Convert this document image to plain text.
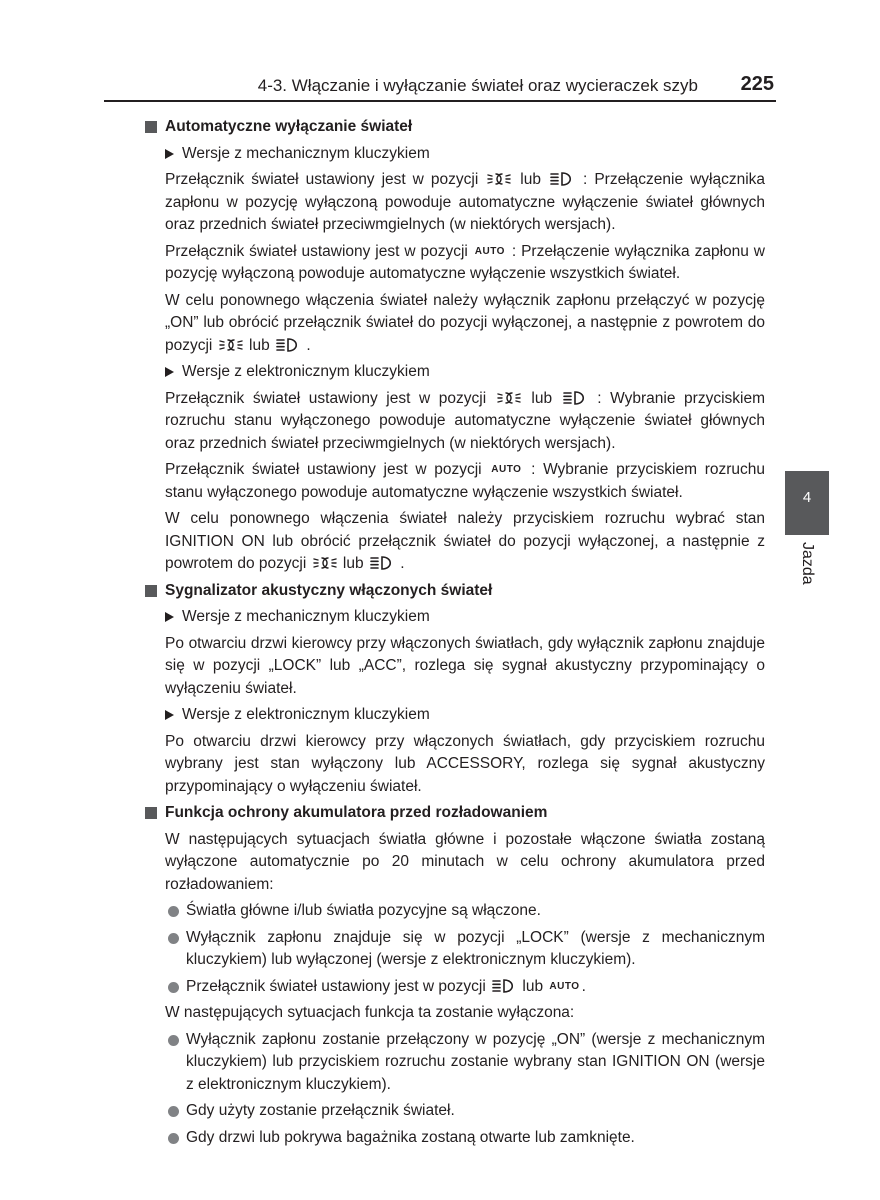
4-3. Włączanie i wyłączanie świateł oraz wycieraczek szyb 225
4
Jazda
Automatyczne wyłączanie świateł
Wersje z mechanicznym kluczykiem
Przełącznik świateł ustawiony jest w pozycji	lub	: Przełączenie wyłącznika zapłonu w pozycję wyłączoną powoduje automatyczne wyłączenie świateł głównych oraz przednich świateł przeciwmgielnych (w niektórych wersjach).
Przełącznik świateł ustawiony jest w pozycji AUTO : Przełączenie wyłącznika zapłonu w pozycję wyłączoną powoduje automatyczne wyłączenie wszystkich świateł.
W celu ponownego włączenia świateł należy wyłącznik zapłonu przełączyć w pozycję „ON” lub obrócić przełącznik świateł do pozycji wyłączonej, a następnie z powrotem do pozycji lub .
Wersje z elektronicznym kluczykiem
Przełącznik świateł ustawiony jest w pozycji	lub	: Wybranie przyciskiem rozruchu stanu wyłączonego powoduje automatyczne wyłączenie świateł głównych oraz przednich świateł przeciwmgielnych (w niektórych wersjach).
Przełącznik świateł ustawiony jest w pozycji AUTO : Wybranie przyciskiem rozruchu stanu wyłączonego powoduje automatyczne wyłączenie wszystkich świateł.
W celu ponownego włączenia świateł należy przyciskiem rozruchu wybrać stan IGNITION ON lub obrócić przełącznik świateł do pozycji wyłączonej, a następnie z powrotem do pozycji lub .
Sygnalizator akustyczny włączonych świateł
Wersje z mechanicznym kluczykiem
Po otwarciu drzwi kierowcy przy włączonych światłach, gdy wyłącznik zapłonu znajduje się w pozycji „LOCK” lub „ACC”, rozlega się sygnał akustyczny przypominający o wyłączeniu świateł.
Wersje z elektronicznym kluczykiem
Po otwarciu drzwi kierowcy przy włączonych światłach, gdy przyciskiem rozruchu wybrany jest stan wyłączony lub ACCESSORY, rozlega się sygnał akustyczny przypominający o wyłączeniu świateł.
Funkcja ochrony akumulatora przed rozładowaniem
W następujących sytuacjach światła główne i pozostałe włączone światła zostaną wyłączone automatycznie po 20 minutach w celu ochrony akumulatora przed rozładowaniem:
Światła główne i/lub światła pozycyjne są włączone.
Wyłącznik zapłonu znajduje się w pozycji „LOCK” (wersje z mechanicznym kluczykiem) lub wyłączonej (wersje z elektronicznym kluczykiem).
Przełącznik świateł ustawiony jest w pozycji lub AUTO .
W następujących sytuacjach funkcja ta zostanie wyłączona:
Wyłącznik zapłonu zostanie przełączony w pozycję „ON” (wersje z mechanicznym kluczykiem) lub przyciskiem rozruchu zostanie wybrany stan IGNITION ON (wersje z elektronicznym kluczykiem).
Gdy użyty zostanie przełącznik świateł.
Gdy drzwi lub pokrywa bagażnika zostaną otwarte lub zamknięte.
